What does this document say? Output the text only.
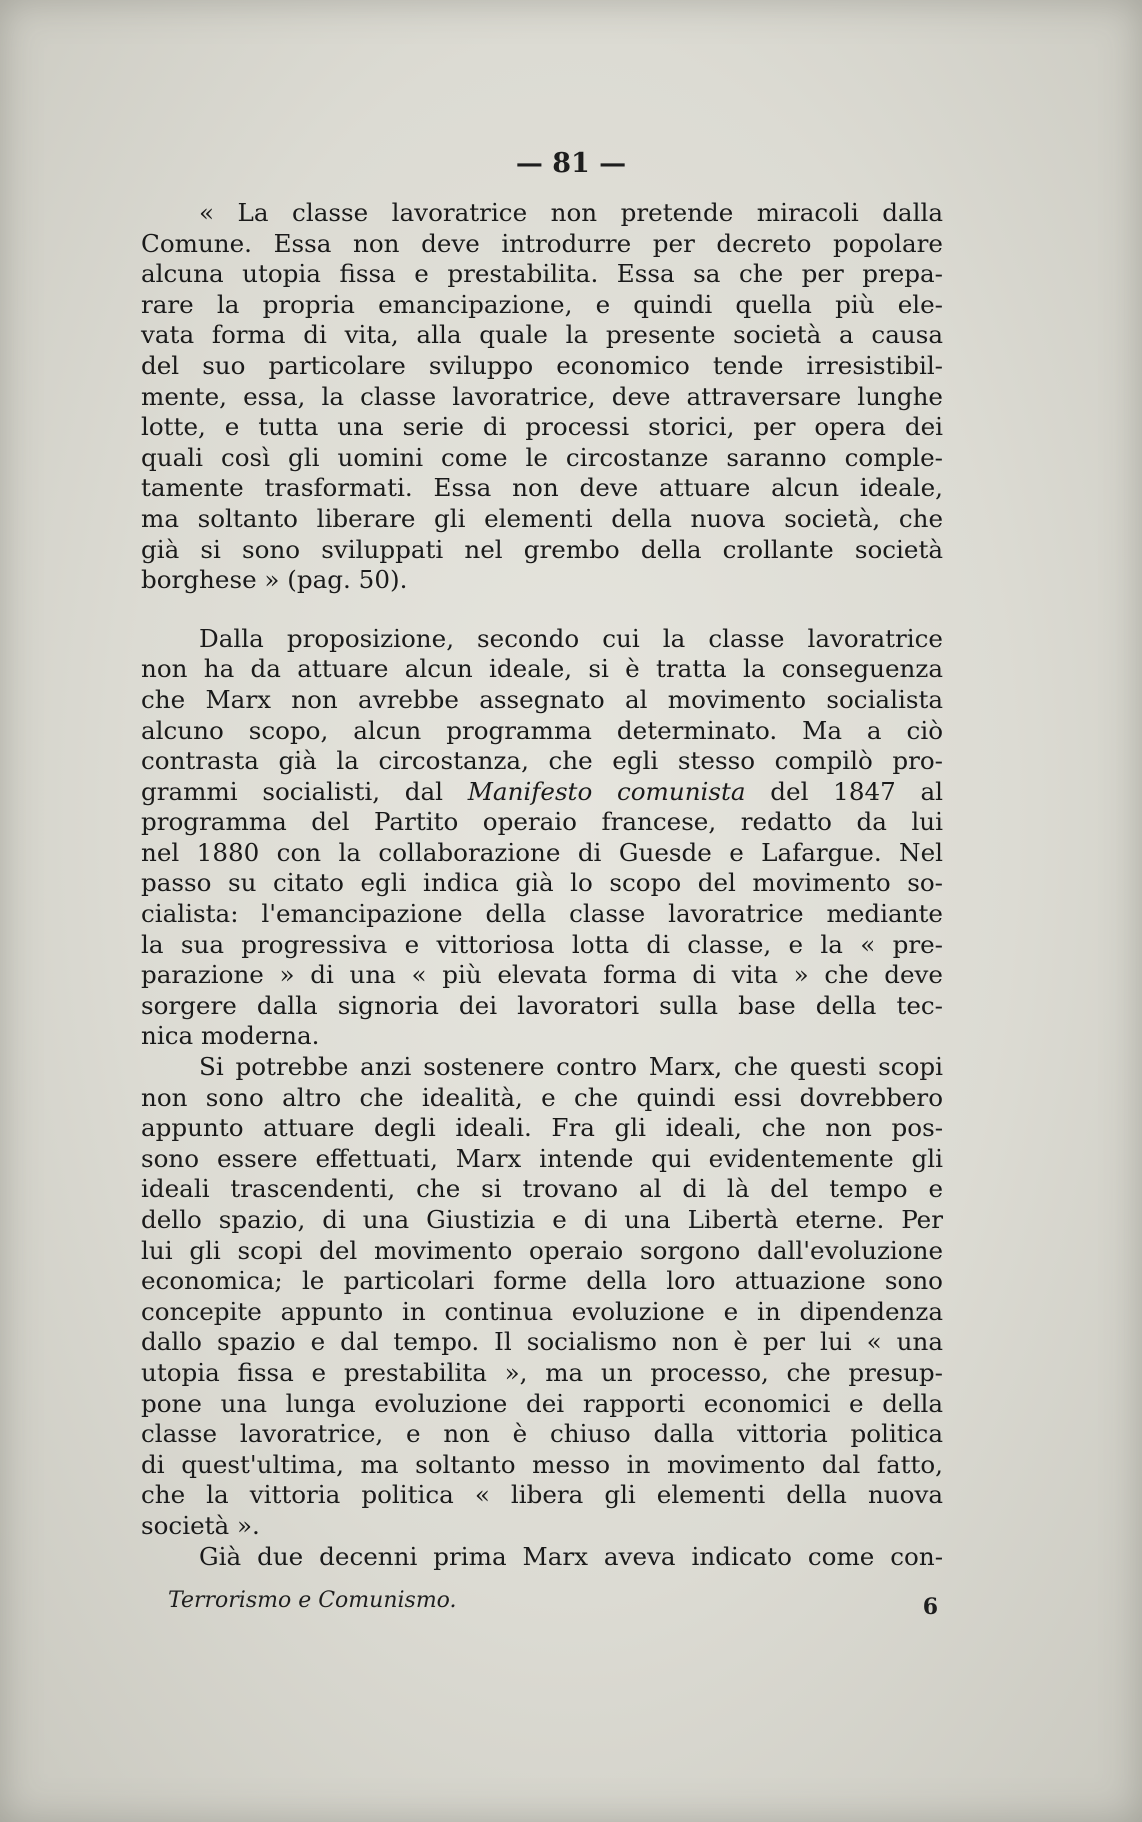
— 81 —
« La classe lavoratrice non pretende miracoli dalla
Comune. Essa non deve introdurre per decreto popolare
alcuna utopia fissa e prestabilita. Essa sa che per prepa-
rare la propria emancipazione, e quindi quella più ele-
vata forma di vita, alla quale la presente società a causa
del suo particolare sviluppo economico tende irresistibil-
mente, essa, la classe lavoratrice, deve attraversare lunghe
lotte, e tutta una serie di processi storici, per opera dei
quali così gli uomini come le circostanze saranno comple-
tamente trasformati. Essa non deve attuare alcun ideale,
ma soltanto liberare gli elementi della nuova società, che
già si sono sviluppati nel grembo della crollante società
borghese » (pag. 50).
Dalla proposizione, secondo cui la classe lavoratrice
non ha da attuare alcun ideale, si è tratta la conseguenza
che Marx non avrebbe assegnato al movimento socialista
alcuno scopo, alcun programma determinato. Ma a ciò
contrasta già la circostanza, che egli stesso compilò pro-
grammi socialisti, dal Manifesto comunista del 1847 al
programma del Partito operaio francese, redatto da lui
nel 1880 con la collaborazione di Guesde e Lafargue. Nel
passo su citato egli indica già lo scopo del movimento so-
cialista: l'emancipazione della classe lavoratrice mediante
la sua progressiva e vittoriosa lotta di classe, e la « pre-
parazione » di una « più elevata forma di vita » che deve
sorgere dalla signoria dei lavoratori sulla base della tec-
nica moderna.
Si potrebbe anzi sostenere contro Marx, che questi scopi
non sono altro che idealità, e che quindi essi dovrebbero
appunto attuare degli ideali. Fra gli ideali, che non pos-
sono essere effettuati, Marx intende qui evidentemente gli
ideali trascendenti, che si trovano al di là del tempo e
dello spazio, di una Giustizia e di una Libertà eterne. Per
lui gli scopi del movimento operaio sorgono dall'evoluzione
economica; le particolari forme della loro attuazione sono
concepite appunto in continua evoluzione e in dipendenza
dallo spazio e dal tempo. Il socialismo non è per lui « una
utopia fissa e prestabilita », ma un processo, che presup-
pone una lunga evoluzione dei rapporti economici e della
classe lavoratrice, e non è chiuso dalla vittoria politica
di quest'ultima, ma soltanto messo in movimento dal fatto,
che la vittoria politica « libera gli elementi della nuova
società ».
Già due decenni prima Marx aveva indicato come con-
Terrorismo e Comunismo.	6
